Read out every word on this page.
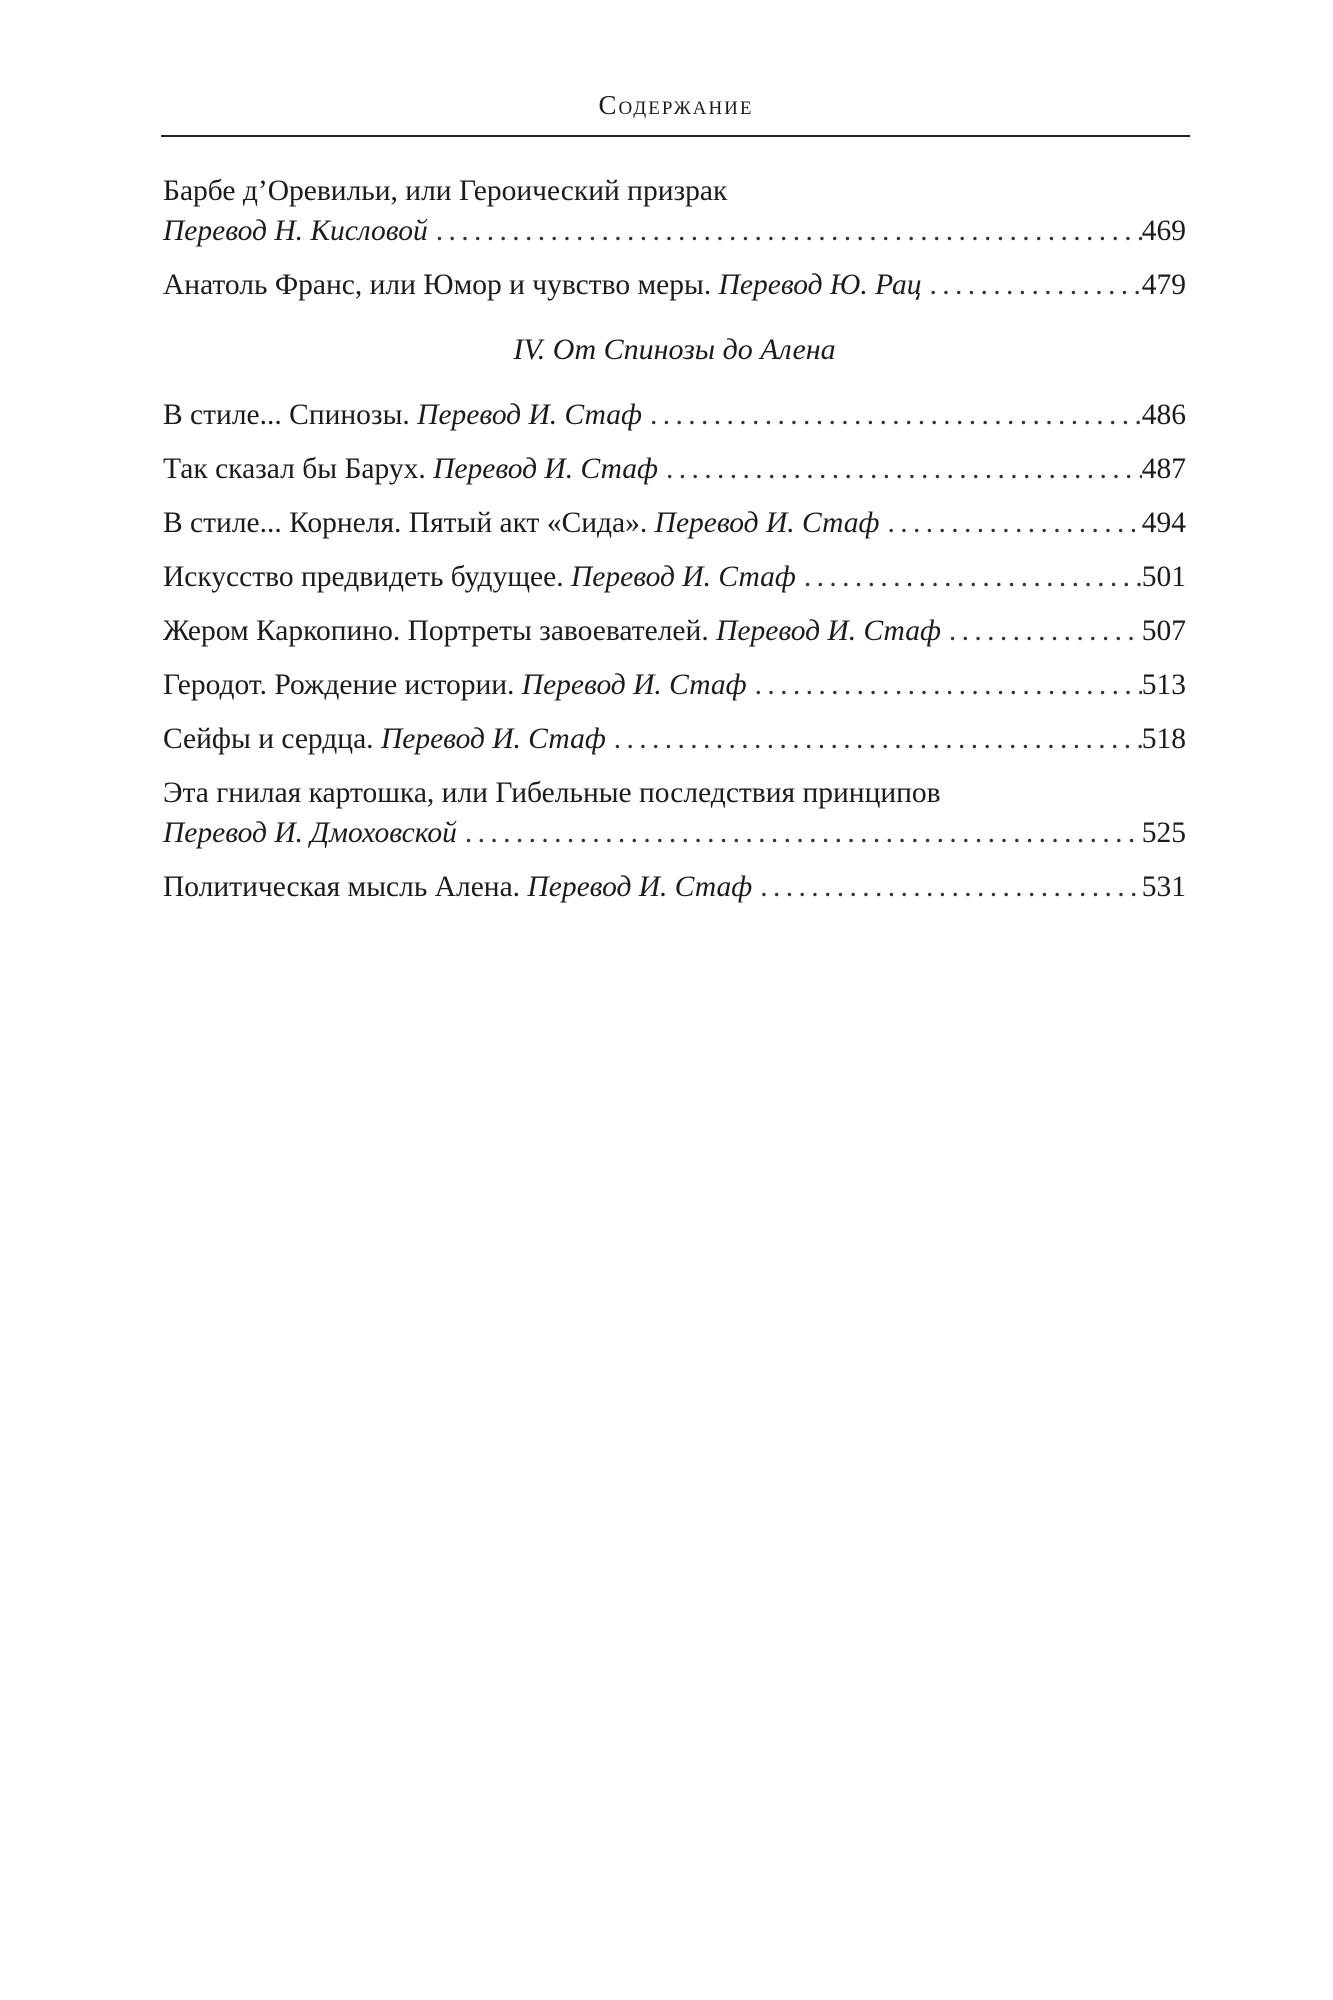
Содержание
Барбе д’Оревильи, или Героический призрак
Перевод Н. Кисловой . . .	469
Анатоль Франс, или Юмор и чувство меры. Перевод Ю. Рац . . .	479
IV. От Спинозы до Алена
В стиле... Спинозы. Перевод И. Стаф . . .	486
Так сказал бы Барух. Перевод И. Стаф . . .	487
В стиле... Корнеля. Пятый акт «Сида». Перевод И. Стаф . . .	494
Искусство предвидеть будущее. Перевод И. Стаф . . .	501
Жером Каркопино. Портреты завоевателей. Перевод И. Стаф . . .	507
Геродот. Рождение истории. Перевод И. Стаф . . .	513
Сейфы и сердца. Перевод И. Стаф . . .	518
Эта гнилая картошка, или Гибельные последствия принципов
Перевод И. Дмоховской . . .	525
Политическая мысль Алена. Перевод И. Стаф . . .	531
